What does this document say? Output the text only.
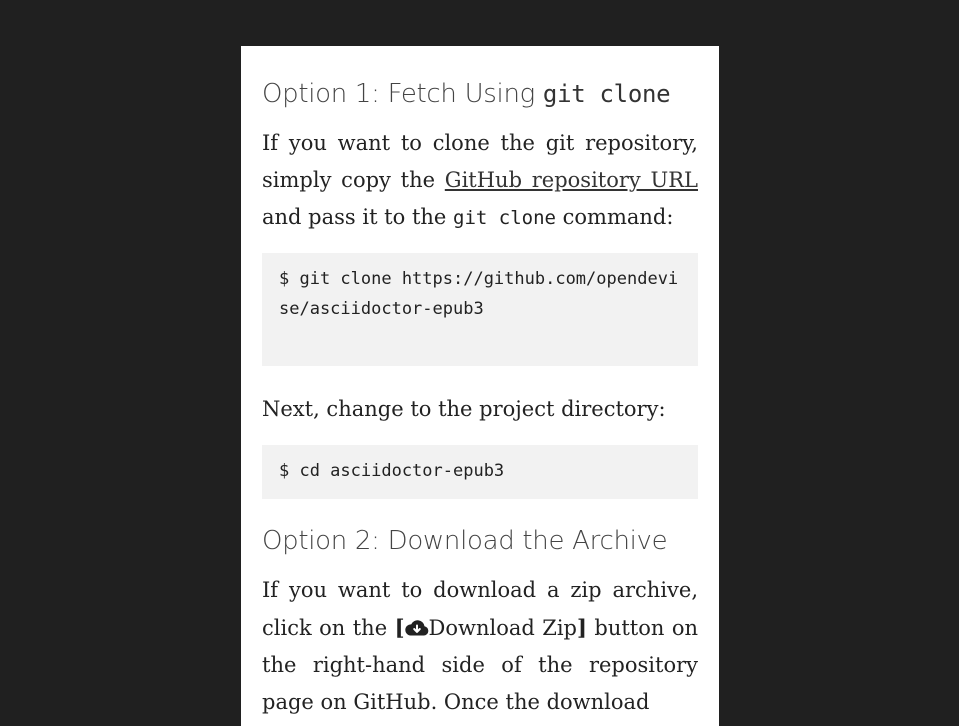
Option 1: Fetch Using git clone

If you want to clone the git repository, simply copy the GitHub repository URL and pass it to the git clone command:

$ git clone https://github.com/opendevise/asciidoctor-epub3

Next, change to the project directory:

$ cd asciidoctor-epub3
Option 2: Download the Archive

If you want to download a zip archive, click on the [ Download Zip] button on the right-hand side of the repository page on GitHub. Once the download
